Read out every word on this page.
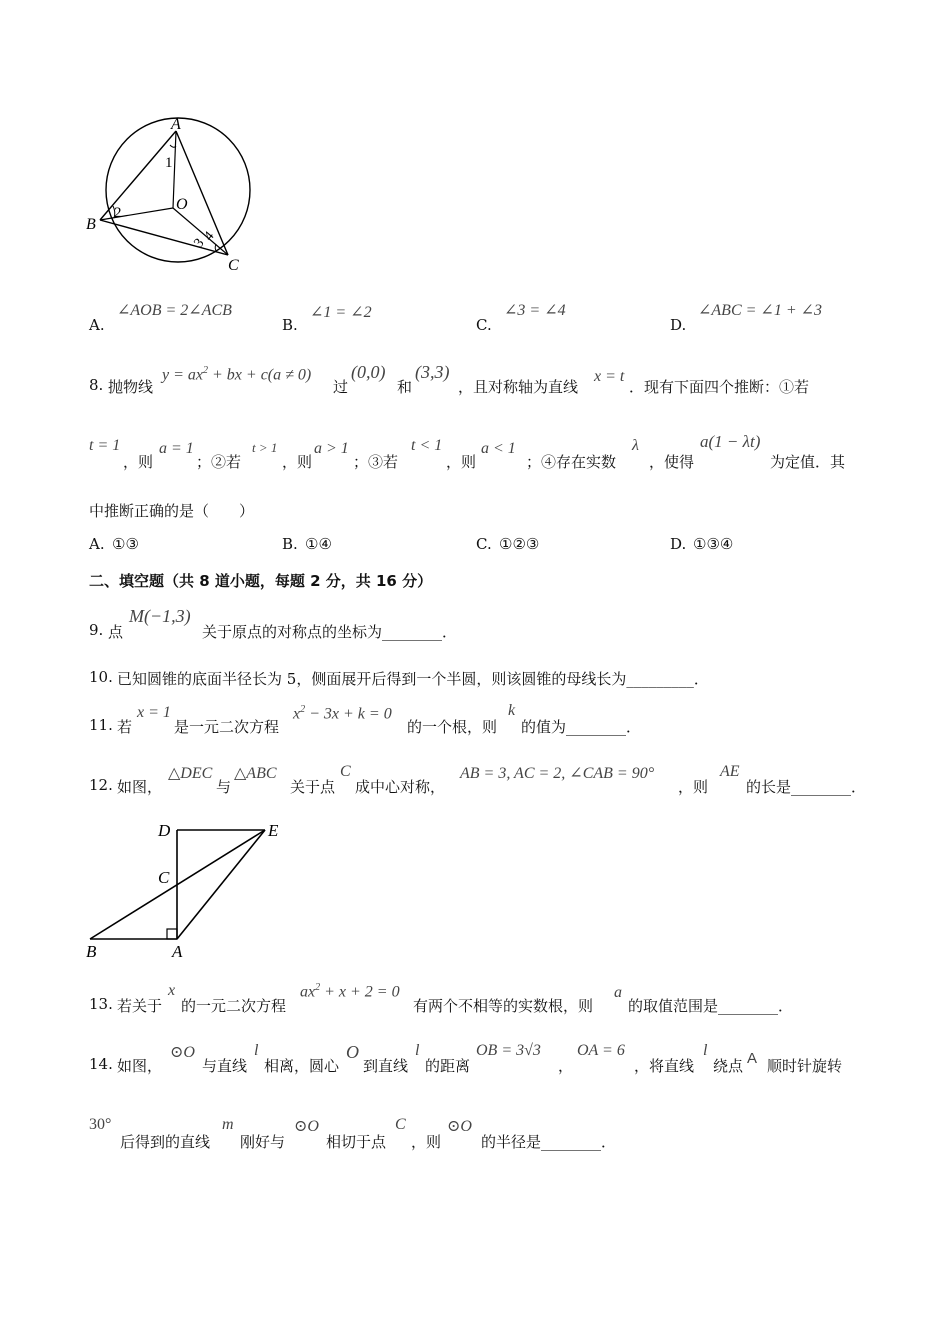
A
B
C
O
1
2
3
4
A.
∠AOB = 2∠ACB
B.
∠1 = ∠2
C.
∠3 = ∠4
D.
∠ABC = ∠1 + ∠3
8. 抛物线
$y = ax^2$ + bx + c(a ≠ 0)
过
(0,0)
和
(3,3)
，且对称轴为直线
x = t
．现有下面四个推断：①若
t = 1
，则
a = 1
；②若
t > 1
，则
a > 1
；③若
t < 1
，则
a < 1
；④存在实数
λ
，使得
a(1 − λt)
为定值．其
中推断正确的是（　　）
A. ①③	B. ①④	C. ①②③	D. ①③④
二、填空题（共 8 道小题，每题 2 分，共 16 分）
9. 点
M(−1,3)
关于原点的对称点的坐标为________．
10. 已知圆锥的底面半径长为 5，侧面展开后得到一个半圆，则该圆锥的母线长为_________．
11. 若
x = 1
是一元二次方程
$x^2 - 3x + k = 0$
的一个根，则
k
的值为________．
12. 如图，
△DEC
与
△ABC
关于点
C
成中心对称，
AB = 3, AC = 2, ∠CAB = 90°
，则
AE
的长是________．
D	E
C
B	A
13. 若关于
x
的一元二次方程
$ax^2 + x + 2 = 0$
有两个不相等的实数根，则
a
的取值范围是________．
14. 如图，
⊙O
与直线
l
相离，圆心
O
到直线
l
的距离
OB = 3√3
，
OA = 6
，将直线
l
绕点 A 顺时针旋转
30°
后得到的直线
m
刚好与
⊙O
相切于点
C
，则
⊙O
的半径是________．
